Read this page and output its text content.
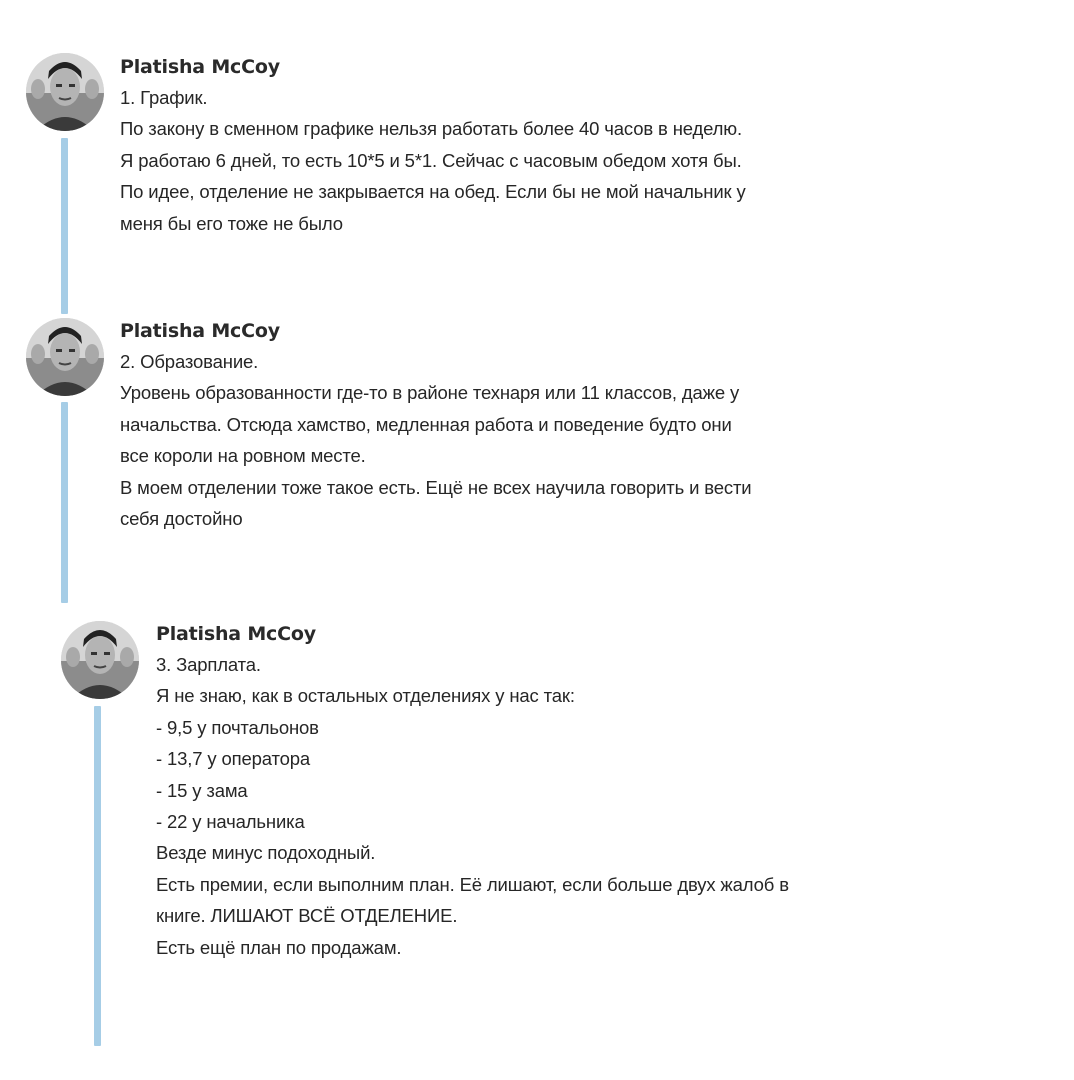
Platisha McCoy
1. График.
По закону в сменном графике нельзя работать более 40 часов в неделю.
Я работаю 6 дней, то есть 10*5 и 5*1. Сейчас с часовым обедом хотя бы.
По идее, отделение не закрывается на обед. Если бы не мой начальник у
меня бы его тоже не было
Platisha McCoy
2. Образование.
Уровень образованности где-то в районе технаря или 11 классов, даже у
начальства. Отсюда хамство, медленная работа и поведение будто они
все короли на ровном месте.
В моем отделении тоже такое есть. Ещё не всех научила говорить и вести
себя достойно
Platisha McCoy
3. Зарплата.
Я не знаю, как в остальных отделениях у нас так:
- 9,5 у почтальонов
- 13,7 у оператора
- 15 у зама
- 22 у начальника
Везде минус подоходный.
Есть премии, если выполним план. Её лишают, если больше двух жалоб в
книге. ЛИШАЮТ ВСЁ ОТДЕЛЕНИЕ.
Есть ещё план по продажам.
